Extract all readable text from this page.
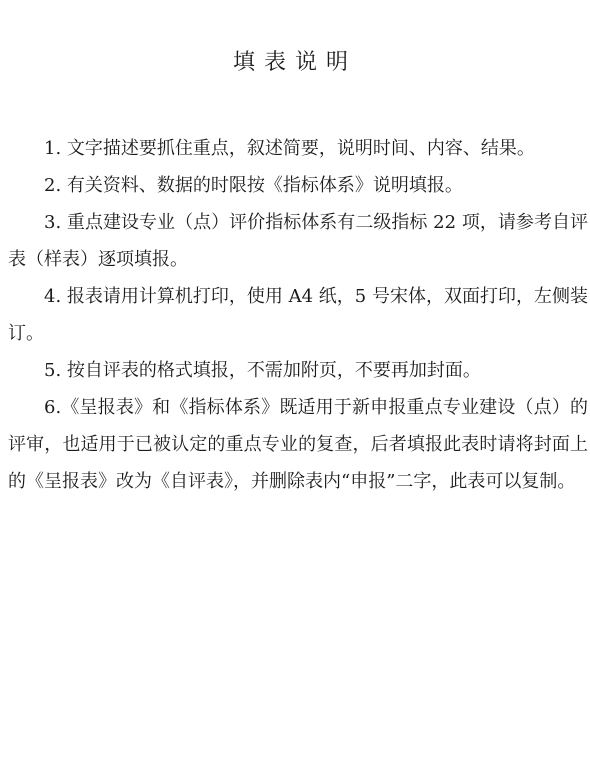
填表说明

1. 文字描述要抓住重点，叙述简要，说明时间、内容、结果。

2. 有关资料、数据的时限按《指标体系》说明填报。

3. 重点建设专业（点）评价指标体系有二级指标 22 项，请参考自评表（样表）逐项填报。

4. 报表请用计算机打印，使用 A4 纸，5 号宋体，双面打印，左侧装订。

5. 按自评表的格式填报，不需加附页，不要再加封面。

6.《呈报表》和《指标体系》既适用于新申报重点专业建设（点）的评审，也适用于已被认定的重点专业的复查，后者填报此表时请将封面上的《呈报表》改为《自评表》，并删除表内“申报”二字，此表可以复制。
